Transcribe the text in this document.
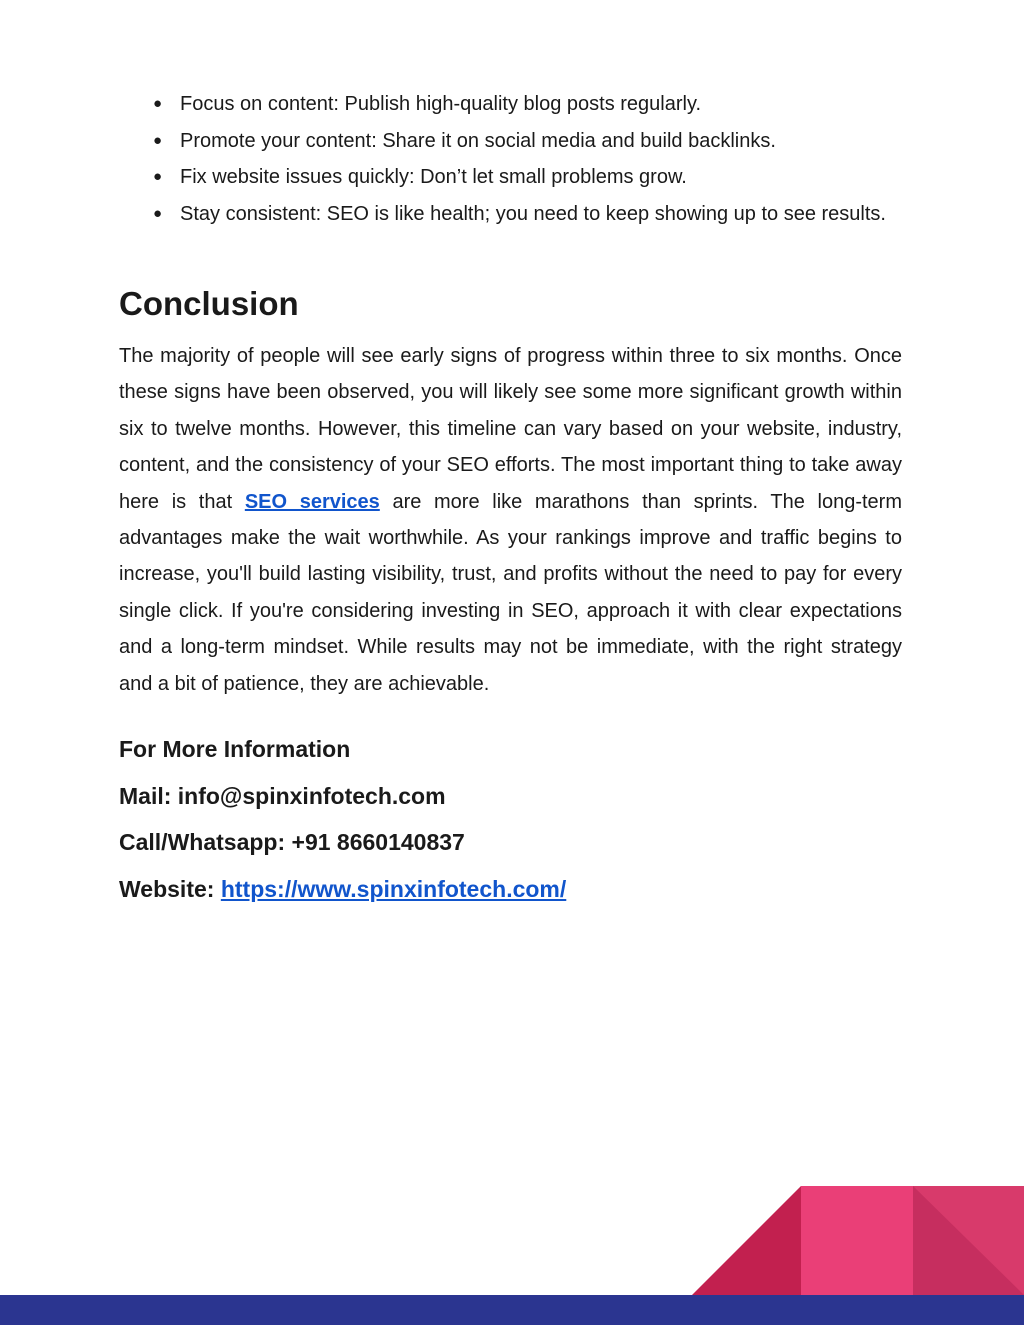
● Focus on content: Publish high-quality blog posts regularly.
● Promote your content: Share it on social media and build backlinks.
● Fix website issues quickly: Don’t let small problems grow.
● Stay consistent: SEO is like health; you need to keep showing up to see results.
Conclusion

The majority of people will see early signs of progress within three to six months. Once these signs have been observed, you will likely see some more significant growth within six to twelve months. However, this timeline can vary based on your website, industry, content, and the consistency of your SEO efforts. The most important thing to take away here is that SEO services are more like marathons than sprints. The long-term advantages make the wait worthwhile. As your rankings improve and traffic begins to increase, you'll build lasting visibility, trust, and profits without the need to pay for every single click. If you're considering investing in SEO, approach it with clear expectations and a long-term mindset. While results may not be immediate, with the right strategy and a bit of patience, they are achievable.

For More Information
Mail: info@spinxinfotech.com
Call/Whatsapp: +91 8660140837
Website: https://www.spinxinfotech.com/
